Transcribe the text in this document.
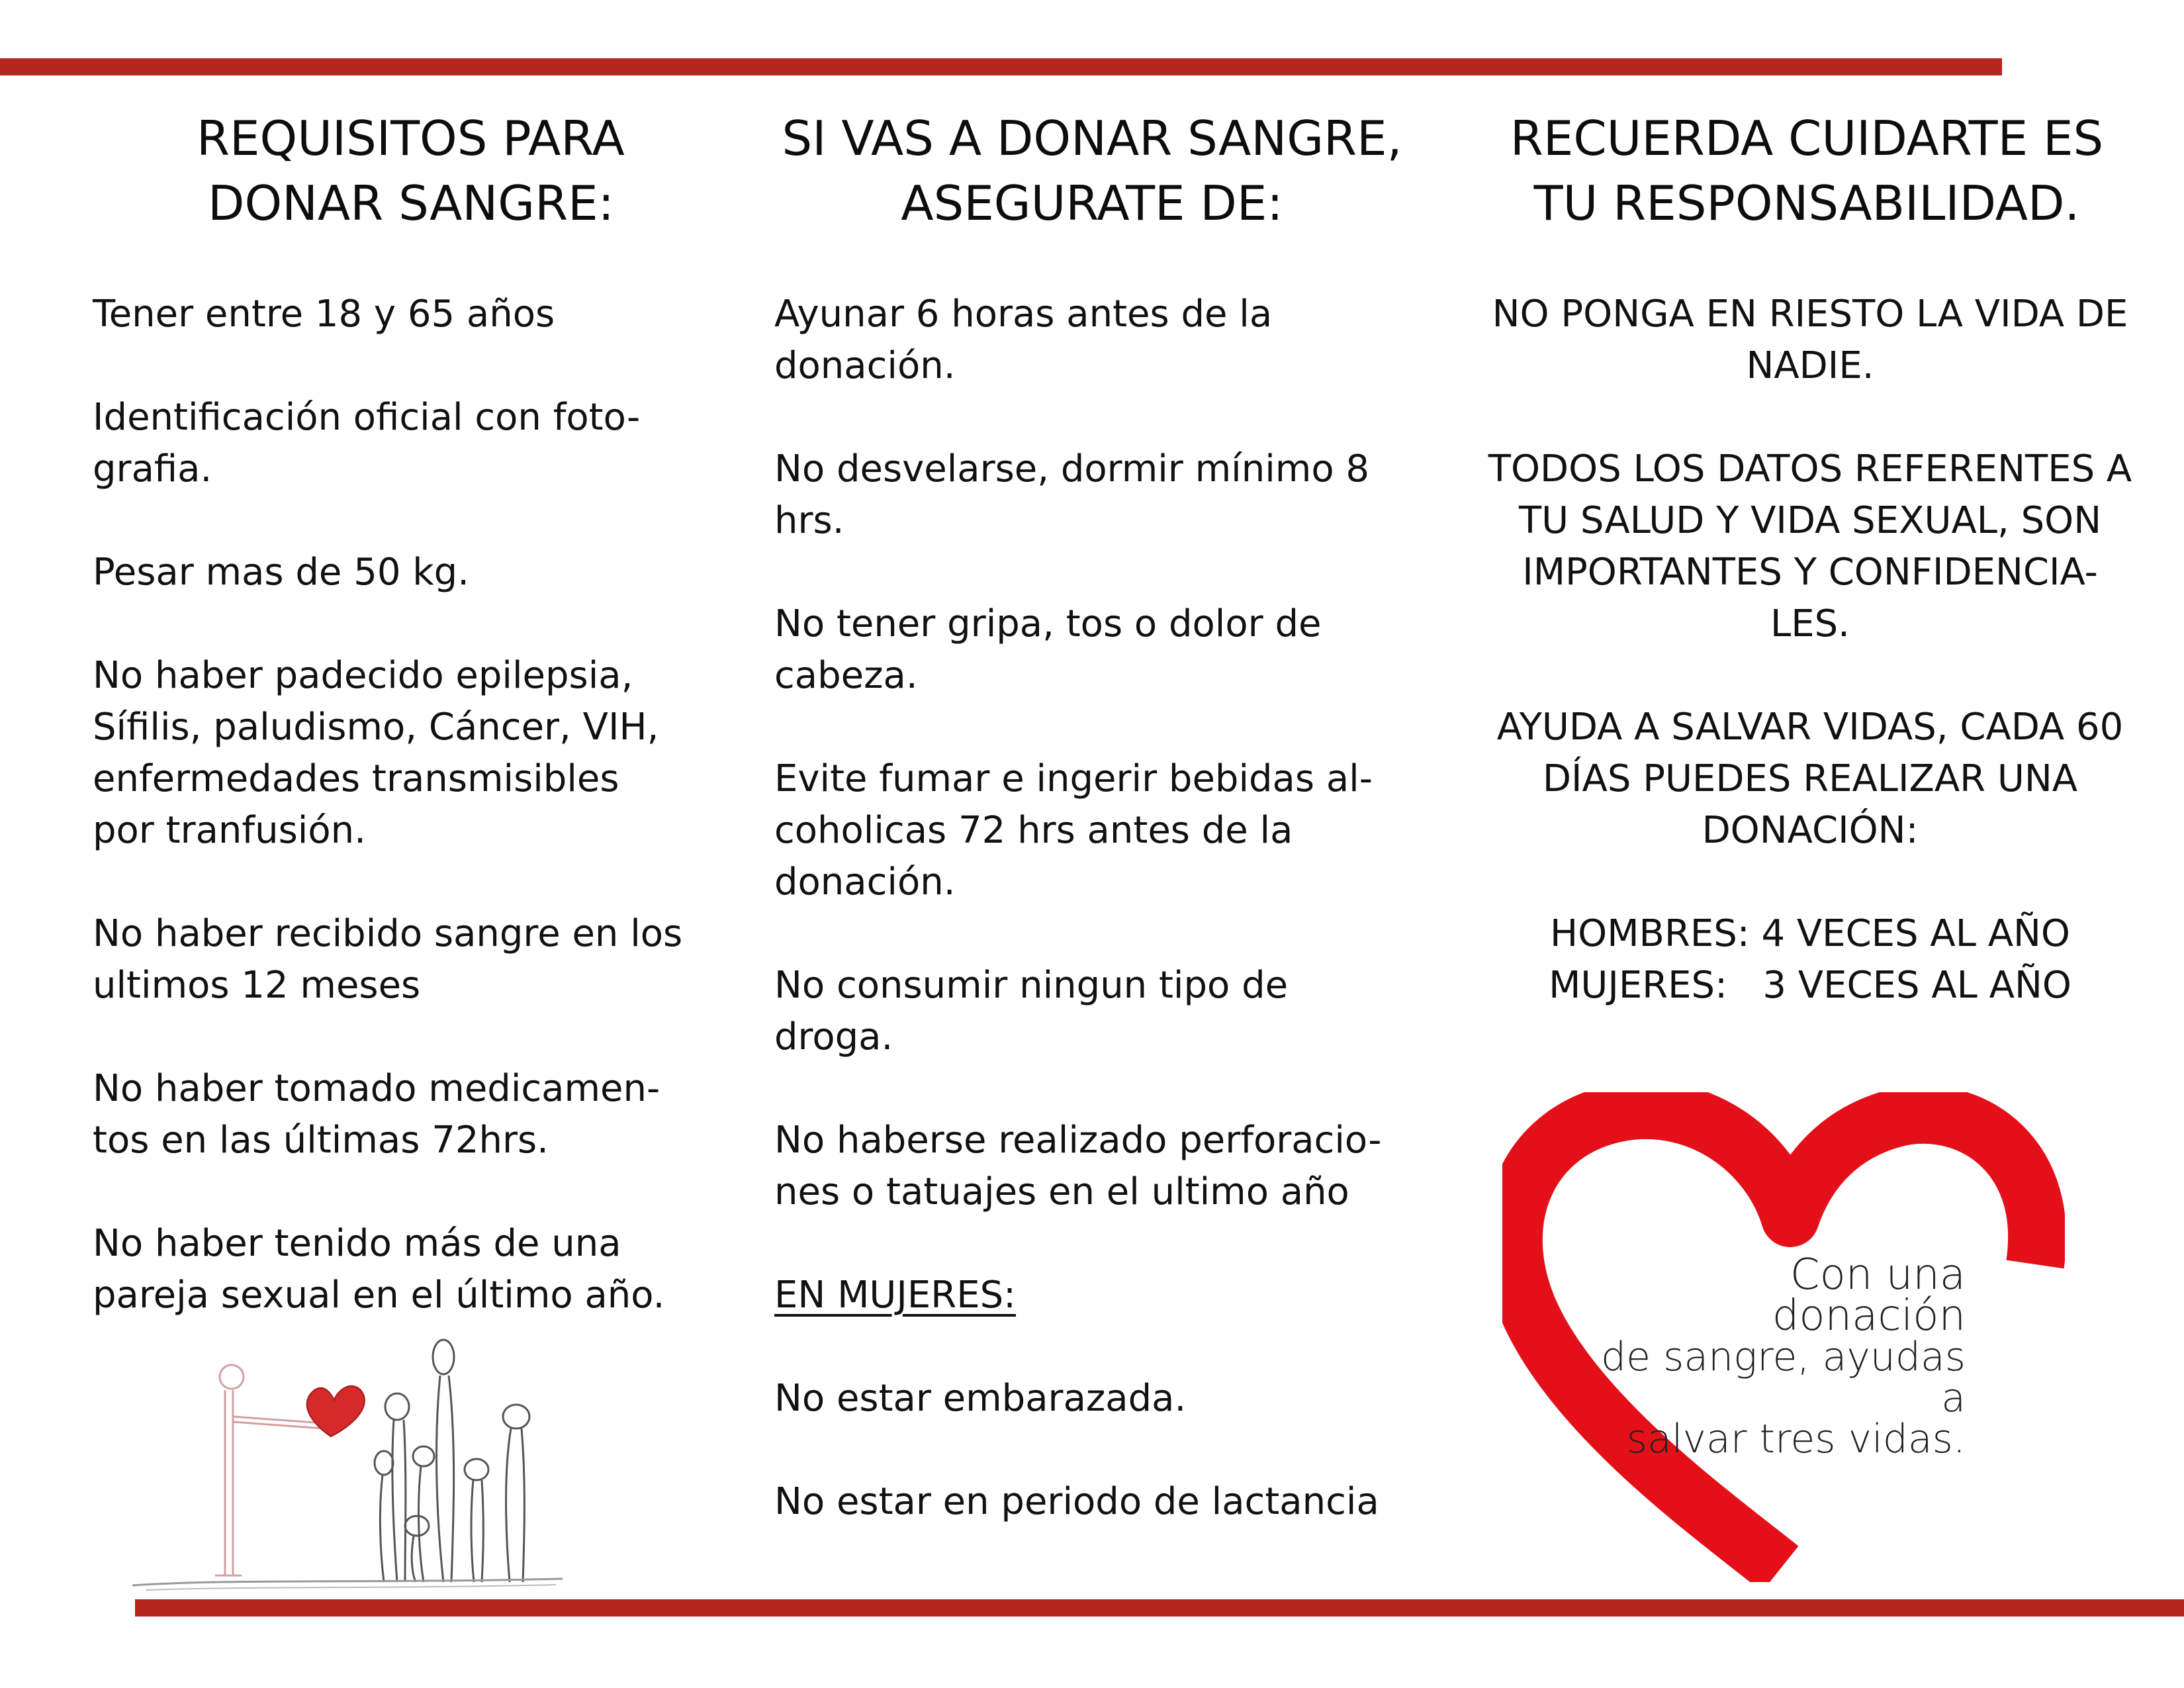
REQUISITOS PARA
DONAR SANGRE:

Tener entre 18 y 65 años

Identificación oficial con foto-
grafia.

Pesar mas de 50 kg.

No haber padecido epilepsia,
Sífilis, paludismo, Cáncer, VIH,
enfermedades transmisibles
por tranfusión.

No haber recibido sangre en los
ultimos 12 meses

No haber tomado medicamen-
tos en las últimas 72hrs.

No haber tenido más de una
pareja sexual en el último año.

SI VAS A DONAR SANGRE,
ASEGURATE DE:

Ayunar 6 horas antes de la
donación.

No desvelarse, dormir mínimo 8
hrs.

No tener gripa, tos o dolor de
cabeza.

Evite fumar e ingerir bebidas al-
coholicas 72 hrs antes de la
donación.

No consumir ningun tipo de
droga.

No haberse realizado perforacio-
nes o tatuajes en el ultimo año

EN MUJERES:

No estar embarazada.

No estar en periodo de lactancia

RECUERDA CUIDARTE ES
TU RESPONSABILIDAD.

NO PONGA EN RIESTO LA VIDA DE
NADIE.

TODOS LOS DATOS REFERENTES A
TU SALUD Y VIDA SEXUAL, SON
IMPORTANTES Y CONFIDENCIA-
LES.

AYUDA A SALVAR VIDAS, CADA 60
DÍAS PUEDES REALIZAR UNA
DONACIÓN:

HOMBRES: 4 VECES AL AÑO
MUJERES:   3 VECES AL AÑO
Con una donación
de sangre, ayudas a
salvar tres vidas.
